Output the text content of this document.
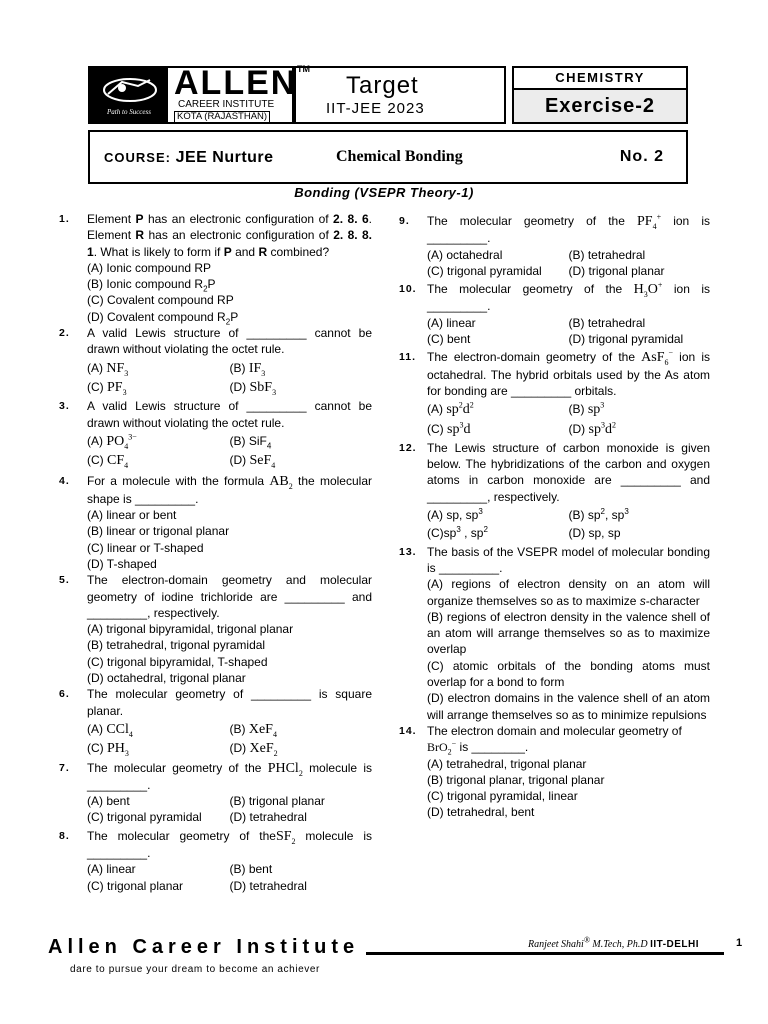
Path to Success
ALLEN
CAREER INSTITUTE
KOTA (RAJASTHAN)
TM
Target
IIT-JEE 2023
CHEMISTRY
Exercise-2
COURSE: JEE Nurture	Chemical Bonding	No. 2
Bonding (VSEPR Theory-1)
1. Element P has an electronic configuration of 2. 8. 6. Element R has an electronic configuration of 2. 8. 8. 1. What is likely to form if P and R combined?
(A) Ionic compound RP
(B) Ionic compound $R_2P$
(C) Covalent compound RP
(D) Covalent compound $R_2P$
2. A valid Lewis structure of _________ cannot be drawn without violating the octet rule.
(A) $NF_3$	(B) $IF_3$
(C) $PF_3$	(D) SbF$_3$
3. A valid Lewis structure of _________ cannot be drawn without violating the octet rule.
(A) $PO_4^{3-}$	(B) SiF$_4$
(C) $CF_4$	(D) SeF$_4$
4. For a molecule with the formula $AB_2$ the molecular shape is _________.
(A) linear or bent
(B) linear or trigonal planar
(C) linear or T-shaped
(D) T-shaped
5. The electron-domain geometry and molecular geometry of iodine trichloride are _________ and _________, respectively.
(A) trigonal bipyramidal, trigonal planar
(B) tetrahedral, trigonal pyramidal
(C) trigonal bipyramidal, T-shaped
(D) octahedral, trigonal planar
6. The molecular geometry of _________ is square planar.
(A) CCl$_4$	(B) XeF$_4$
(C) $PH_3$	(D) XeF$_2$
7. The molecular geometry of the PHCl$_2$ molecule is _________.
(A) bent	(B) trigonal planar
(C) trigonal pyramidal	(D) tetrahedral
8. The molecular geometry of theSF$_2$ molecule is _________.
(A) linear	(B) bent
(C) trigonal planar	(D) tetrahedral
9. The molecular geometry of the $PF_4^+$ ion is _________.
(A) octahedral	(B) tetrahedral
(C) trigonal pyramidal	(D) trigonal planar
10. The molecular geometry of the $H_3O^+$ ion is _________.
(A) linear	(B) tetrahedral
(C) bent	(D) trigonal pyramidal
11. The electron-domain geometry of the AsF$_6$− ion is octahedral. The hybrid orbitals used by the As atom for bonding are _________ orbitals.
(A) $sp^2d^2$	(B) $sp^3$
(C) $sp^3d$	(D) $sp^3d^2$
12. The Lewis structure of carbon monoxide is given below. The hybridizations of the carbon and oxygen atoms in carbon monoxide are _________ and _________, respectively.
(A) sp, $sp^3$	(B) $sp^2$, $sp^3$
$(C)sp^3$ , $sp^2$	(D) sp, sp
13. The basis of the VSEPR model of molecular bonding is _________.
(A) regions of electron density on an atom will organize themselves so as to maximize s-character
(B) regions of electron density in the valence shell of an atom will arrange themselves so as to maximize overlap
(C) atomic orbitals of the bonding atoms must overlap for a bond to form
(D) electron domains in the valence shell of an atom will arrange themselves so as to minimize repulsions
14. The electron domain and molecular geometry of
BrO$_2$− is ________.
(A) tetrahedral, trigonal planar
(B) trigonal planar, trigonal planar
(C) trigonal pyramidal, linear
(D) tetrahedral, bent
Allen Career Institute	Ranjeet Shahi® M.Tech, Ph.D IIT-DELHI	1
dare to pursue your dream to become an achiever
